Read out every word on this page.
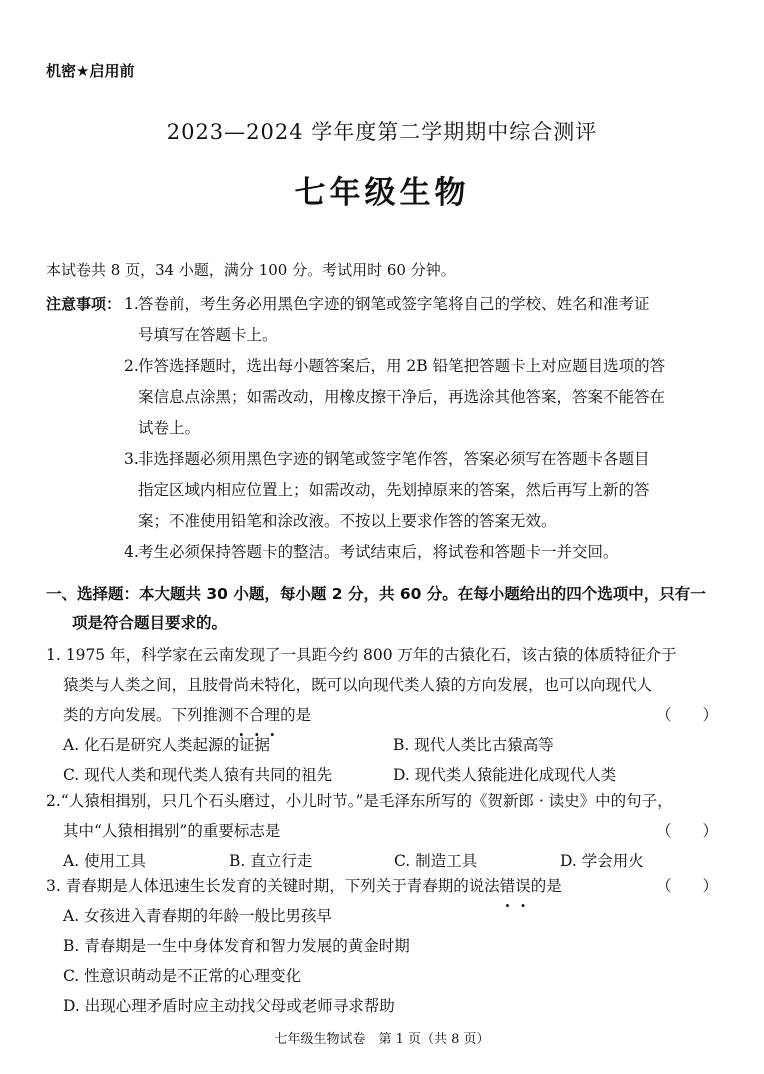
机密★启用前
2023—2024 学年度第二学期期中综合测评
七年级生物
本试卷共 8 页，34 小题，满分 100 分。考试用时 60 分钟。
注意事项： 1. 答卷前，考生务必用黑色字迹的钢笔或签字笔将自己的学校、姓名和准考证
号填写在答题卡上。
2. 作答选择题时，选出每小题答案后，用 2B 铅笔把答题卡上对应题目选项的答
案信息点涂黑；如需改动，用橡皮擦干净后，再选涂其他答案，答案不能答在
试卷上。
3. 非选择题必须用黑色字迹的钢笔或签字笔作答，答案必须写在答题卡各题目
指定区域内相应位置上；如需改动，先划掉原来的答案，然后再写上新的答
案；不准使用铅笔和涂改液。不按以上要求作答的答案无效。
4. 考生必须保持答题卡的整洁。考试结束后，将试卷和答题卡一并交回。
一、选择题：本大题共 30 小题，每小题 2 分，共 60 分。在每小题给出的四个选项中，只有一
项是符合题目要求的。
1. 1975 年，科学家在云南发现了一具距今约 800 万年的古猿化石，该古猿的体质特征介于
猿类与人类之间，且肢骨尚未特化，既可以向现代类人猿的方向发展，也可以向现代人
类的方向发展。下列推测不合理的是	（　　）
A. 化石是研究人类起源的证据	B. 现代人类比古猿高等
C. 现代人类和现代类人猿有共同的祖先	D. 现代类人猿能进化成现代人类
2.“人猿相揖别，只几个石头磨过，小儿时节。”是毛泽东所写的《贺新郎 · 读史》中的句子，
其中“人猿相揖别”的重要标志是	（　　）
A. 使用工具	B. 直立行走	C. 制造工具	D. 学会用火
3. 青春期是人体迅速生长发育的关键时期，下列关于青春期的说法错误的是	（　　）
A. 女孩进入青春期的年龄一般比男孩早
B. 青春期是一生中身体发育和智力发展的黄金时期
C. 性意识萌动是不正常的心理变化
D. 出现心理矛盾时应主动找父母或老师寻求帮助
七年级生物试卷　第 1 页（共 8 页）
